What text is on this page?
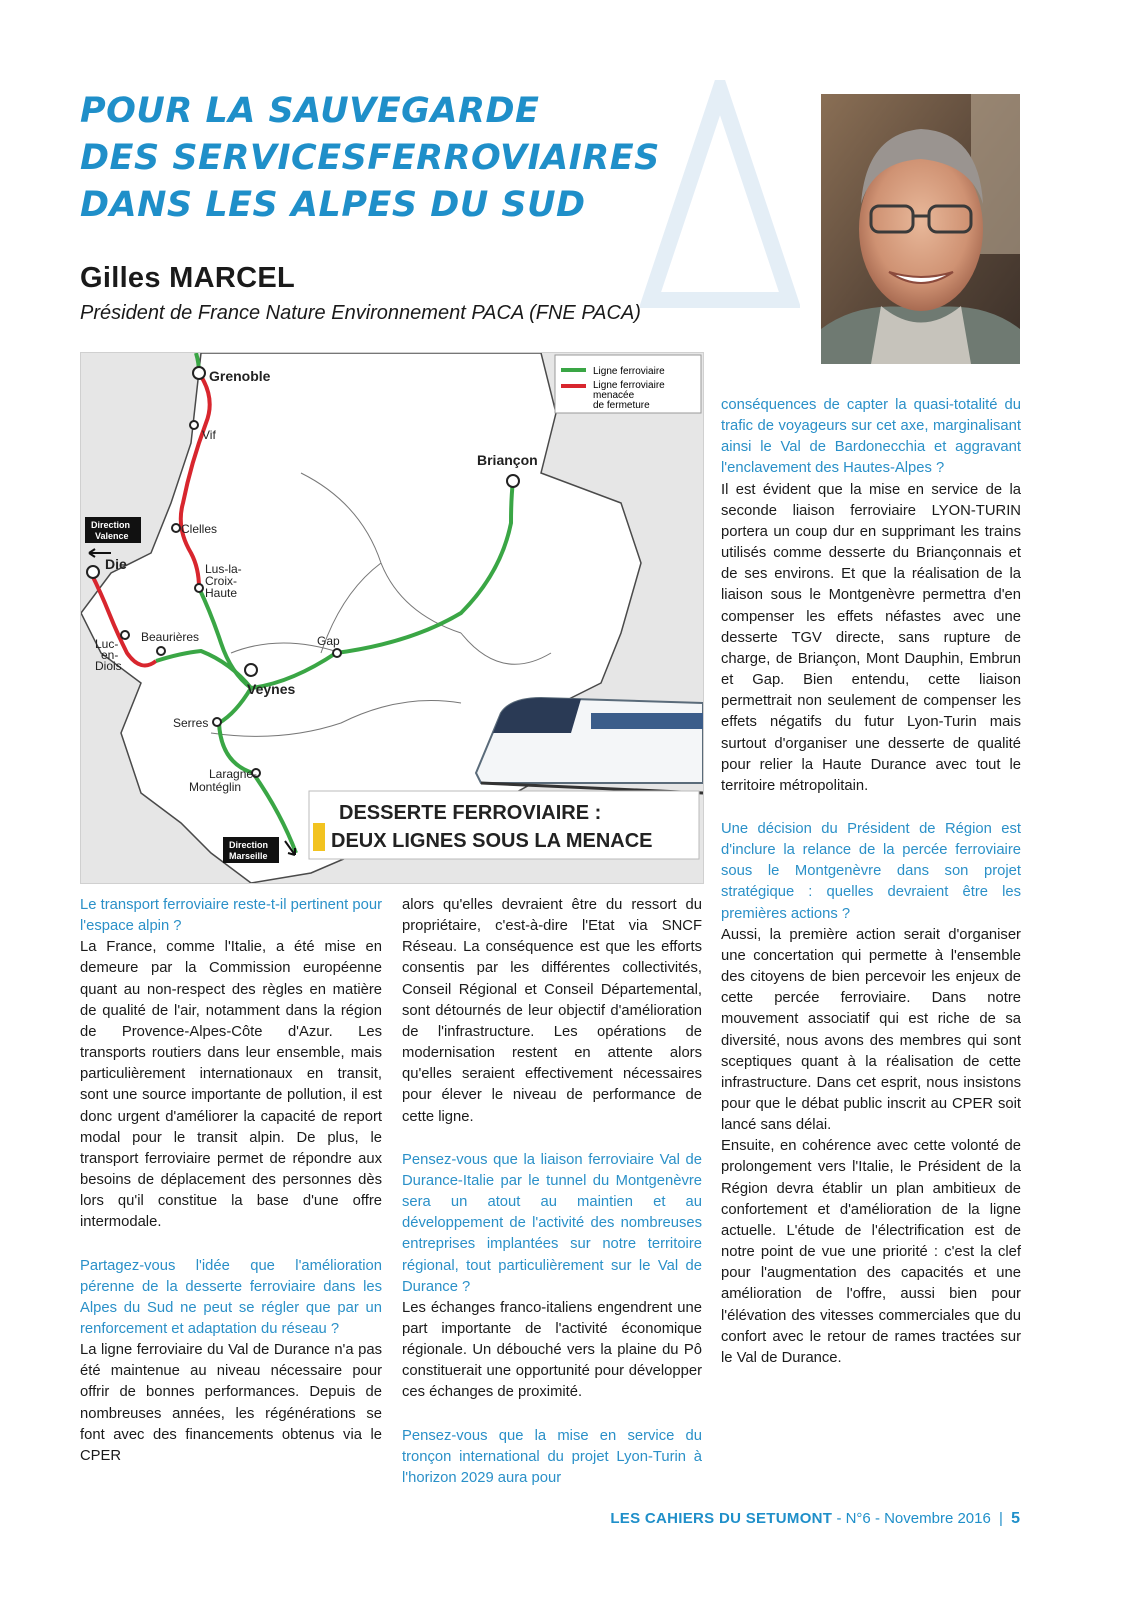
POUR LA SAUVEGARDE
DES SERVICESFERROVIAIRES
DANS LES ALPES DU SUD
Gilles MARCEL
Président de France Nature Environnement PACA (FNE PACA)
Ligne ferroviaire
Ligne ferroviaire
menacée
de fermeture
Grenoble
Vif
Clelles
Die	Lus-la-
Croix-
Haute
Beaurières
Luc-
en-
Diois
Gap
Veynes
Serres
Laragne-
Montéglin
Briançon
Direction
Valence
Direction
Marseille
DESSERTE FERROVIAIRE :
DEUX LIGNES SOUS LA MENACE

Le transport ferroviaire reste-t-il pertinent pour l'espace alpin ?

La France, comme l'Italie, a été mise en demeure par la Commission européenne quant au non-respect des règles en matière de qualité de l'air, notamment dans la région de Provence-Alpes-Côte d'Azur. Les transports routiers dans leur ensemble, mais particulièrement internationaux en transit, sont une source importante de pollution, il est donc urgent d'améliorer la capacité de report modal pour le transit alpin. De plus, le transport ferroviaire permet de répondre aux besoins de déplacement des personnes dès lors qu'il constitue la base d'une offre intermodale.

Partagez-vous l'idée que l'amélioration pérenne de la desserte ferroviaire dans les Alpes du Sud ne peut se régler que par un renforcement et adaptation du réseau ?

La ligne ferroviaire du Val de Durance n'a pas été maintenue au niveau nécessaire pour offrir de bonnes performances. Depuis de nombreuses années, les régénérations se font avec des financements obtenus via le CPER

alors qu'elles devraient être du ressort du propriétaire, c'est-à-dire l'Etat via SNCF Réseau. La conséquence est que les efforts consentis par les différentes collectivités, Conseil Régional et Conseil Départemental, sont détournés de leur objectif d'amélioration de l'infrastructure. Les opérations de modernisation restent en attente alors qu'elles seraient effectivement nécessaires pour élever le niveau de performance de cette ligne.

Pensez-vous que la liaison ferroviaire Val de Durance-Italie par le tunnel du Montgenèvre sera un atout au maintien et au développement de l'activité des nombreuses entreprises implantées sur notre territoire régional, tout particulièrement sur le Val de Durance ?

Les échanges franco-italiens engendrent une part importante de l'activité économique régionale. Un débouché vers la plaine du Pô constituerait une opportunité pour développer ces échanges de proximité.

Pensez-vous que la mise en service du tronçon international du projet Lyon-Turin à l'horizon 2029 aura pour

conséquences de capter la quasi-totalité du trafic de voyageurs sur cet axe, marginalisant ainsi le Val de Bardonecchia et aggravant l'enclavement des Hautes-Alpes ?

Il est évident que la mise en service de la seconde liaison ferroviaire LYON-TURIN portera un coup dur en supprimant les trains utilisés comme desserte du Briançonnais et de ses environs. Et que la réalisation de la liaison sous le Montgenèvre permettra d'en compenser les effets néfastes avec une desserte TGV directe, sans rupture de charge, de Briançon, Mont Dauphin, Embrun et Gap. Bien entendu, cette liaison permettrait non seulement de compenser les effets négatifs du futur Lyon-Turin mais surtout d'organiser une desserte de qualité pour relier la Haute Durance avec tout le territoire métropolitain.

Une décision du Président de Région est d'inclure la relance de la percée ferroviaire sous le Montgenèvre dans son projet stratégique : quelles devraient être les premières actions ?

Aussi, la première action serait d'organiser une concertation qui permette à l'ensemble des citoyens de bien percevoir les enjeux de cette percée ferroviaire. Dans notre mouvement associatif qui est riche de sa diversité, nous avons des membres qui sont sceptiques quant à la réalisation de cette infrastructure. Dans cet esprit, nous insistons pour que le débat public inscrit au CPER soit lancé sans délai.

Ensuite, en cohérence avec cette volonté de prolongement vers l'Italie, le Président de la Région devra établir un plan ambitieux de confortement et d'amélioration de la ligne actuelle. L'étude de l'électrification est de notre point de vue une priorité : c'est la clef pour l'augmentation des capacités et une amélioration de l'offre, aussi bien pour l'élévation des vitesses commerciales que du confort avec le retour de rames tractées sur le Val de Durance.

LES CAHIERS DU SETUMONT - N°6 - Novembre 2016 | 5
